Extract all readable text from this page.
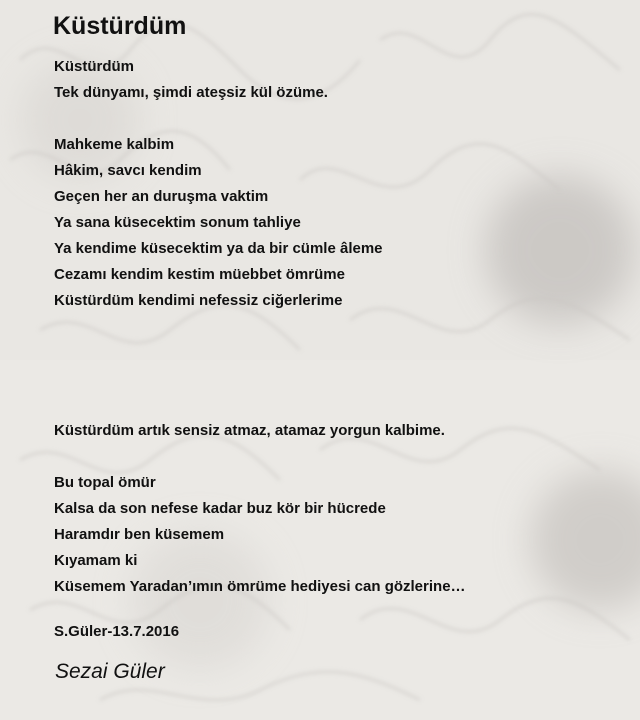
Küstürdüm
Küstürdüm
Tek dünyamı, şimdi ateşsiz kül özüme.
Mahkeme kalbim
Hâkim, savcı kendim
Geçen her an duruşma vaktim
Ya sana küsecektim sonum tahliye
Ya kendime küsecektim ya da bir cümle âleme
Cezamı kendim kestim müebbet ömrüme
Küstürdüm kendimi nefessiz ciğerlerime
Küstürdüm artık sensiz atmaz, atamaz yorgun kalbime.
Bu topal ömür
Kalsa da son nefese kadar buz kör bir hücrede
Haramdır ben küsemem
Kıyamam ki
Küsemem Yaradan’ımın ömrüme hediyesi can gözlerine…
S.Güler-13.7.2016
Sezai Güler
